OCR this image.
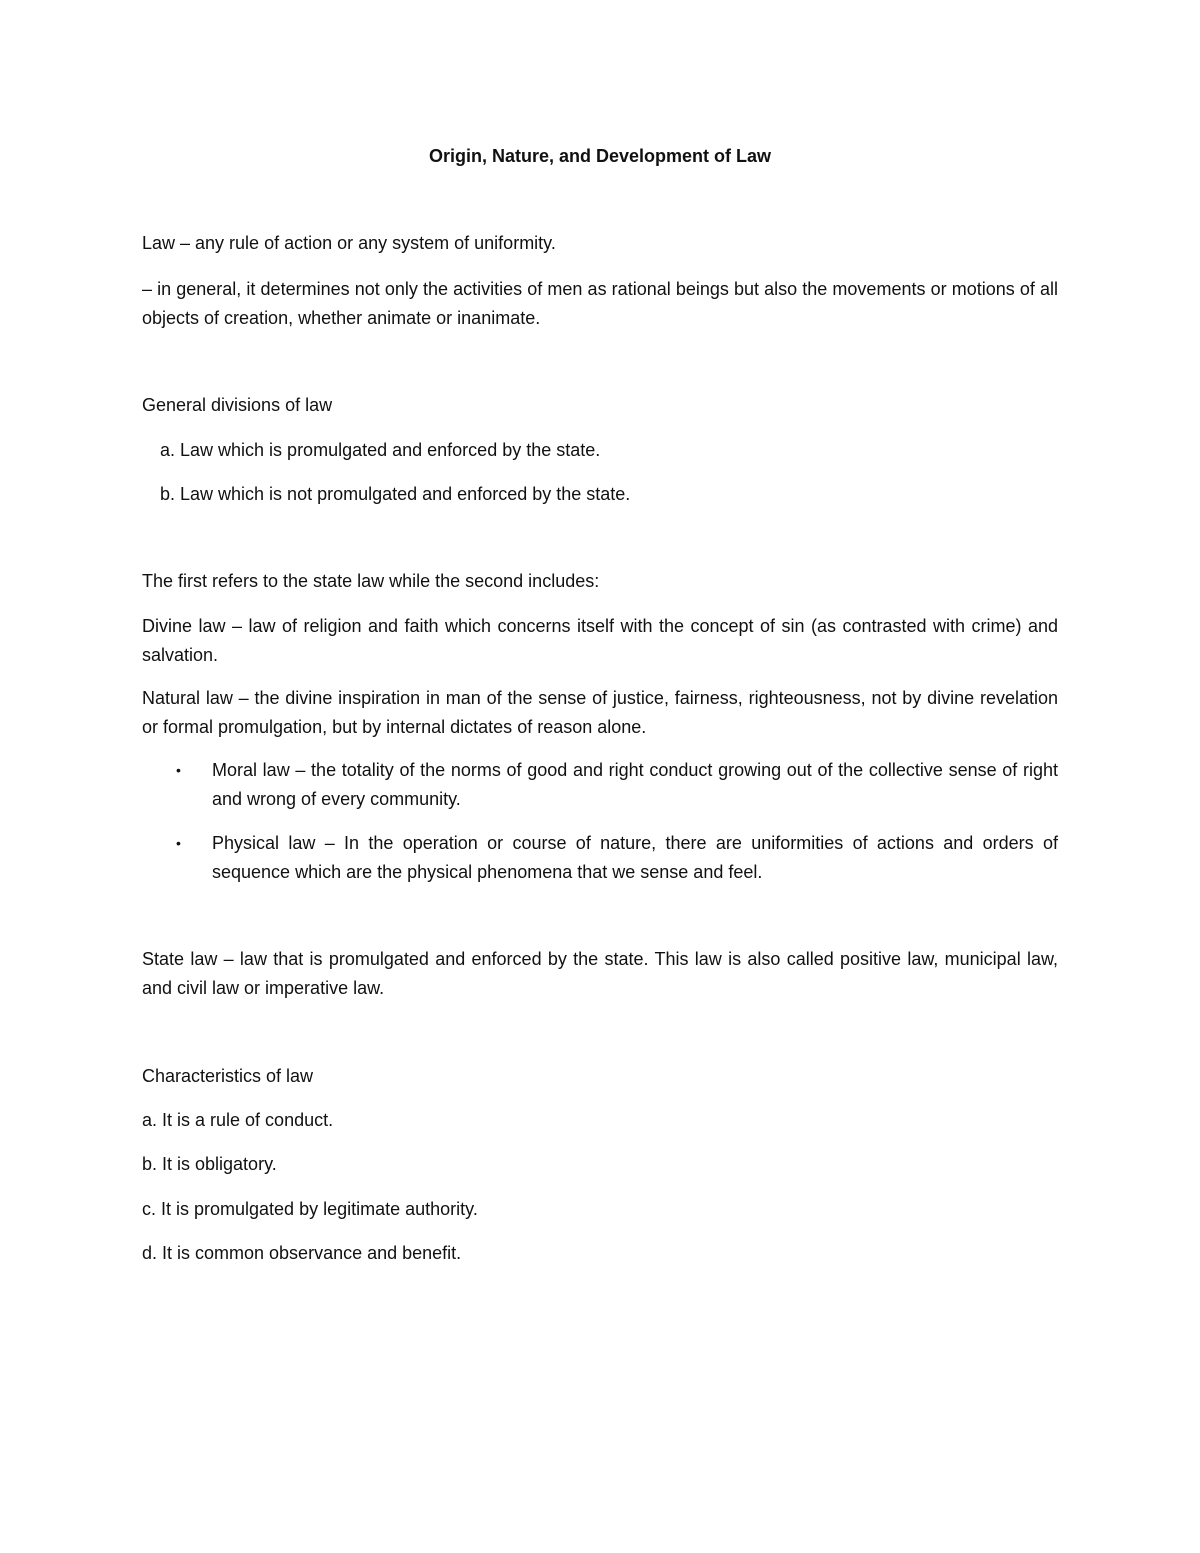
Origin, Nature, and Development of Law

Law – any rule of action or any system of uniformity.

– in general, it determines not only the activities of men as rational beings but also the movements or motions of all objects of creation, whether animate or inanimate.

General divisions of law

a. Law which is promulgated and enforced by the state.

b. Law which is not promulgated and enforced by the state.

The first refers to the state law while the second includes:

Divine law – law of religion and faith which concerns itself with the concept of sin (as contrasted with crime) and salvation.

Natural law – the divine inspiration in man of the sense of justice, fairness, righteousness, not by divine revelation or formal promulgation, but by internal dictates of reason alone.

• Moral law – the totality of the norms of good and right conduct growing out of the collective sense of right and wrong of every community.

• Physical law – In the operation or course of nature, there are uniformities of actions and orders of sequence which are the physical phenomena that we sense and feel.

State law – law that is promulgated and enforced by the state. This law is also called positive law, municipal law, and civil law or imperative law.

Characteristics of law

a. It is a rule of conduct.

b. It is obligatory.

c. It is promulgated by legitimate authority.

d. It is common observance and benefit.
